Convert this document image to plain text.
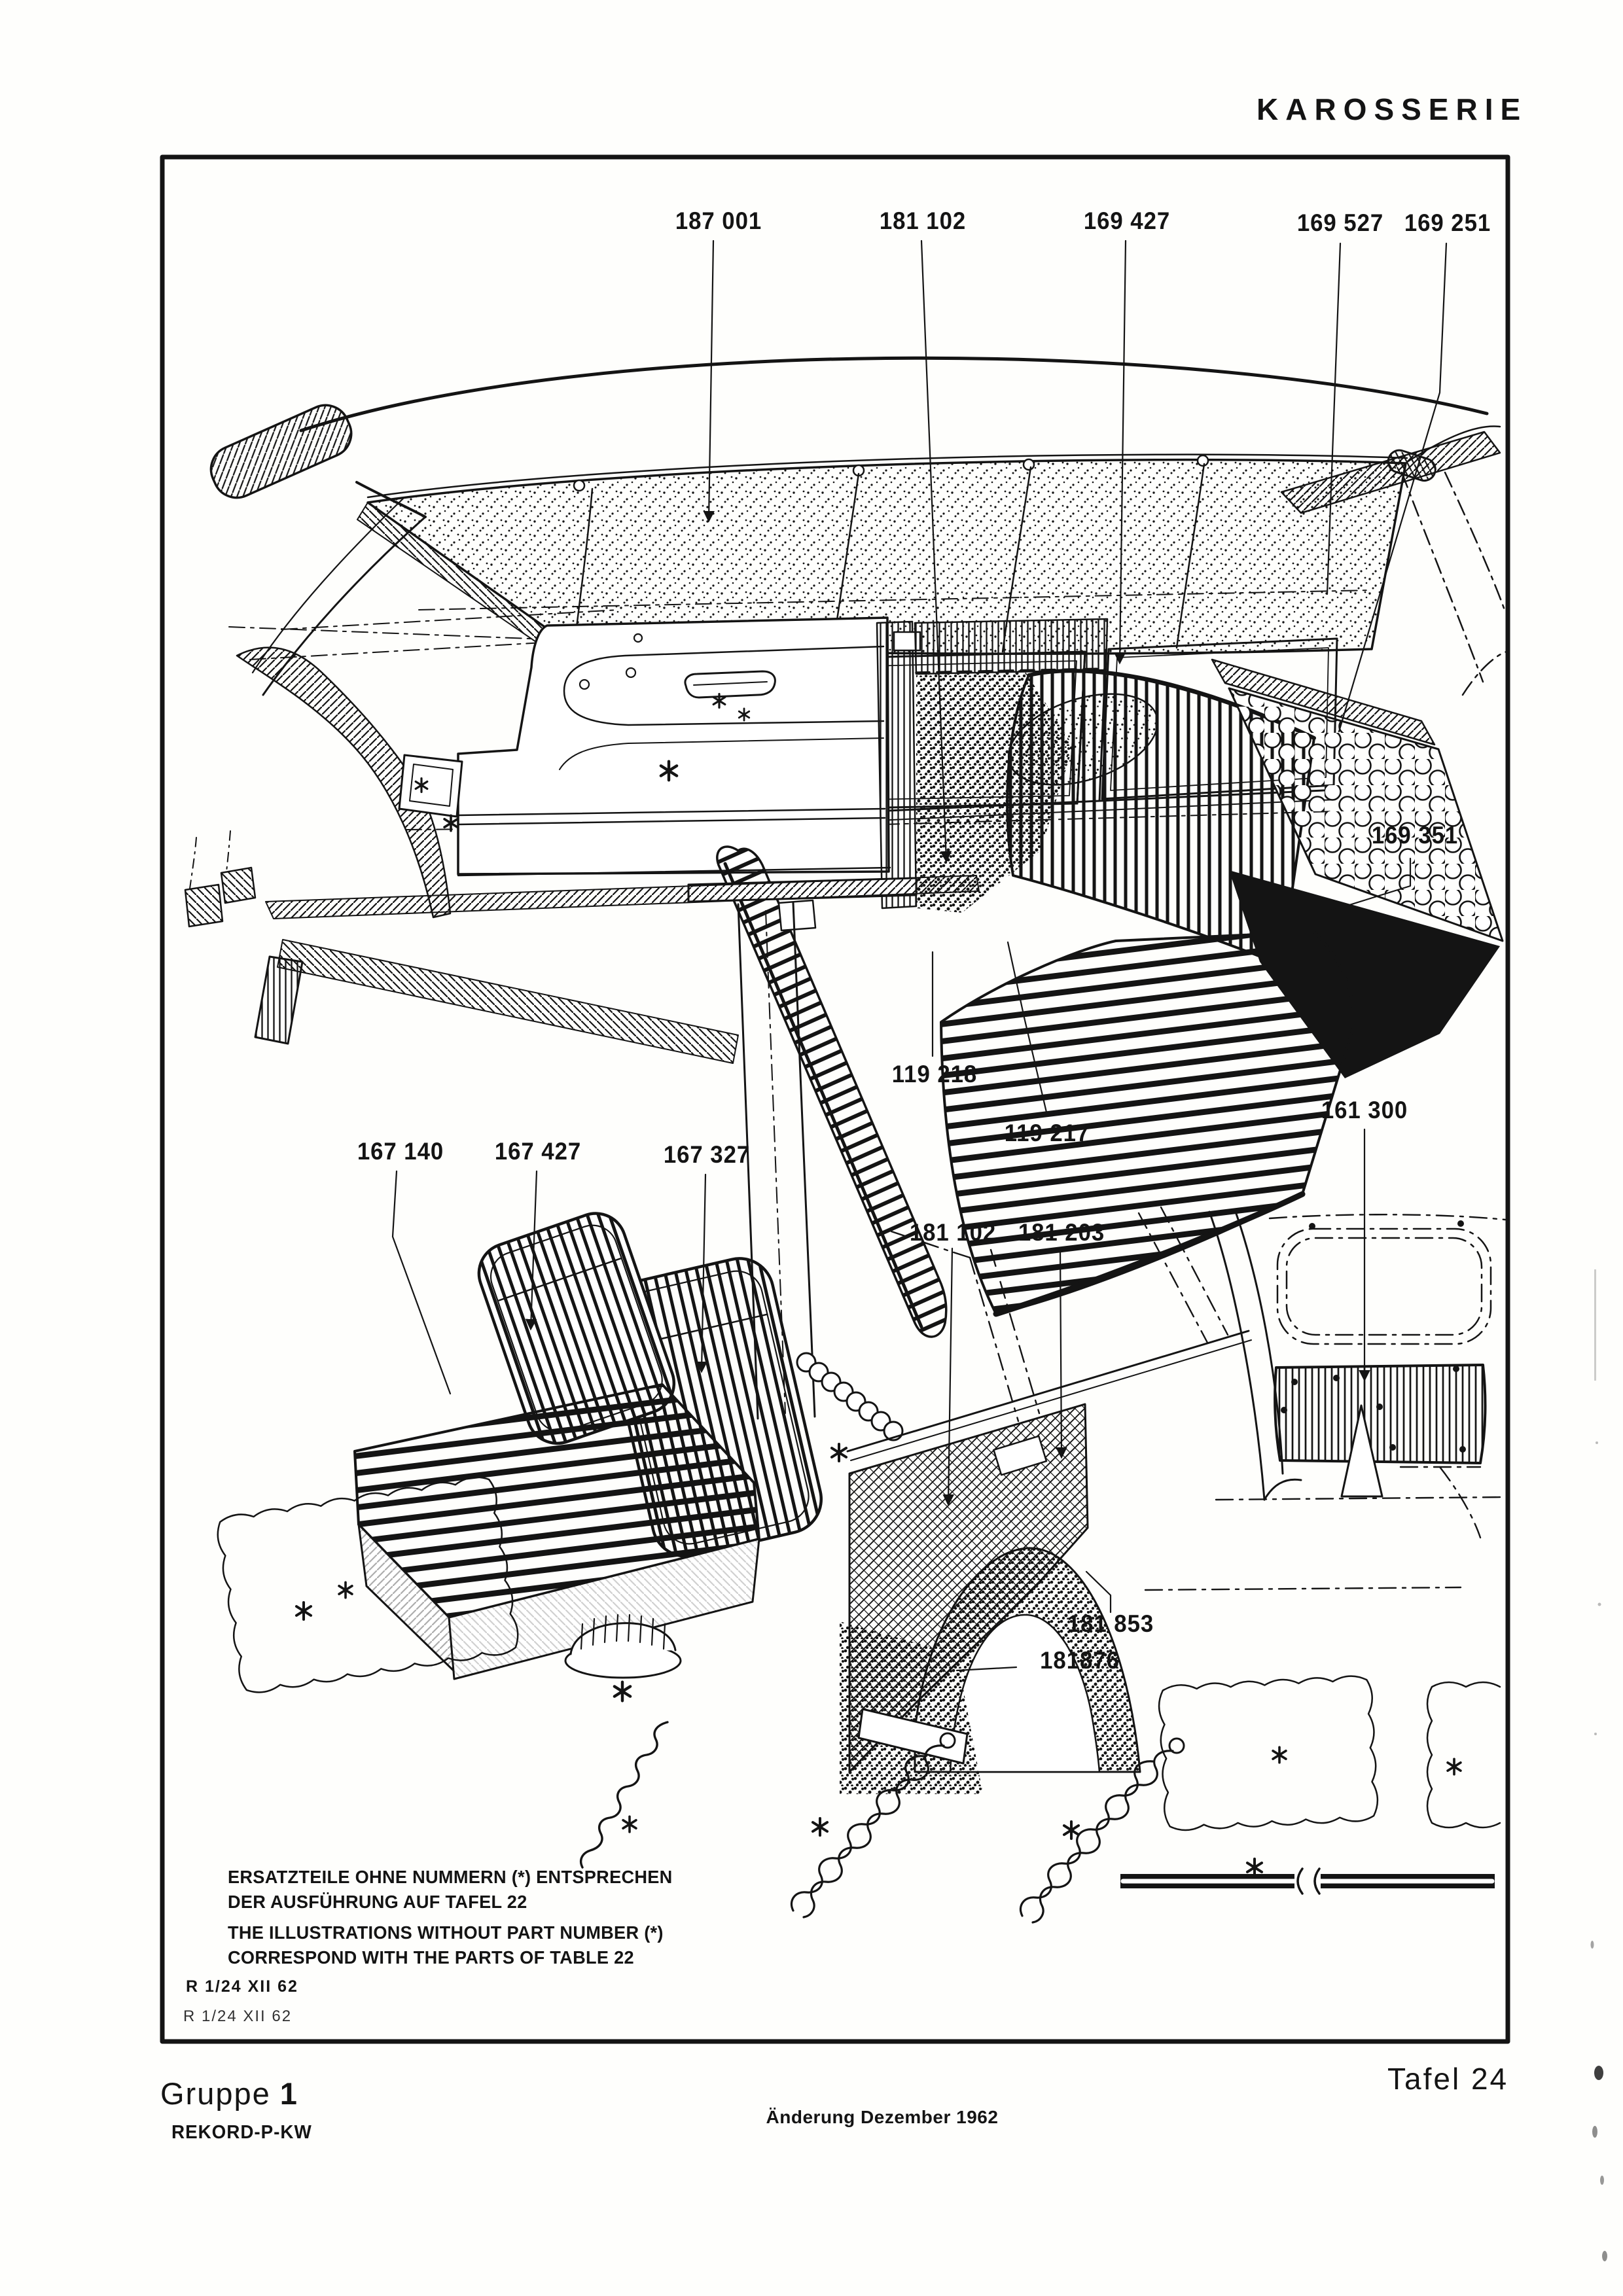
KAROSSERIE
187 001	181 102	169 427	169 527 169 251
169 351
119 218
119 217
161 300
167 140 167 427	167 327
181 102 181 203
181 853
181876
ERSATZTEILE OHNE NUMMERN (*) ENTSPRECHEN
DER AUSFÜHRUNG AUF TAFEL 22
THE ILLUSTRATIONS WITHOUT PART NUMBER (*)
CORRESPOND WITH THE PARTS OF TABLE 22
R 1/24 XII 62
R 1/24 XII 62
Gruppe 1
REKORD-P-KW
Änderung Dezember 1962
Tafel 24
